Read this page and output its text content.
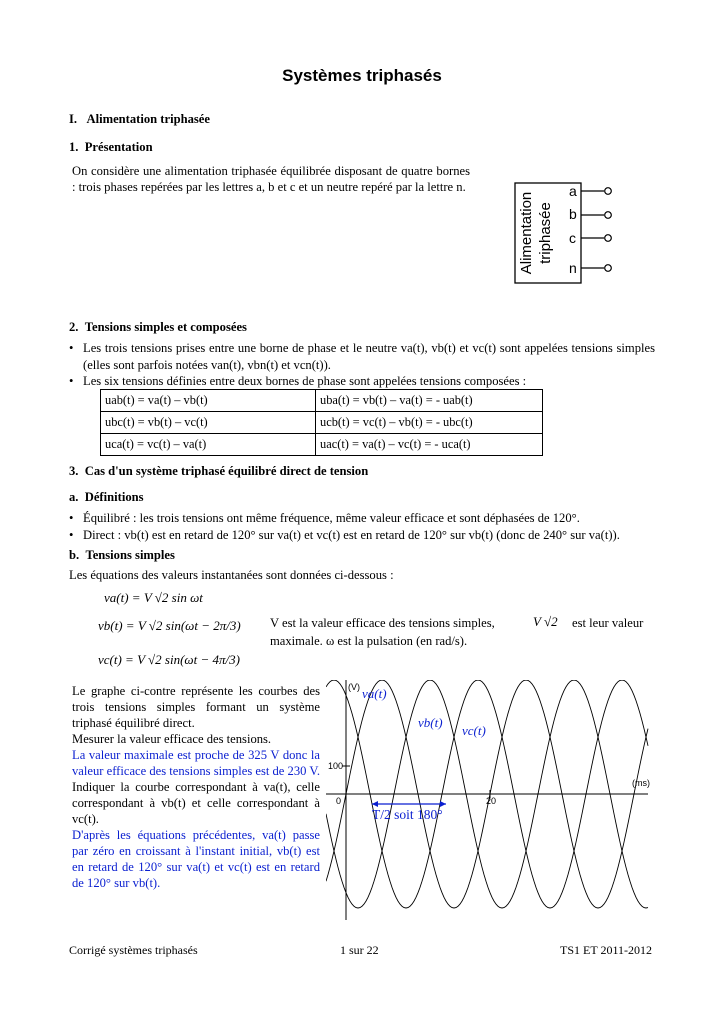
Systèmes triphasés
I.   Alimentation triphasée
1.  Présentation
On considère une alimentation triphasée équilibrée disposant de quatre bornes : trois phases repérées par les lettres a, b et c et un neutre repéré par la lettre n.
Alimentation triphasée
a
b
c
n
2.  Tensions simples et composées
• Les trois tensions prises entre une borne de phase et le neutre va(t), vb(t) et vc(t) sont appelées tensions simples (elles sont parfois notées van(t), vbn(t) et vcn(t)).
• Les six tensions définies entre deux bornes de phase sont appelées tensions composées :
uab(t) = va(t) – vb(t)	uba(t) = vb(t) – va(t) = - uab(t)
ubc(t) = vb(t) – vc(t)	ucb(t) = vc(t) – vb(t) = - ubc(t)
uca(t) = vc(t) – va(t)	uac(t) = va(t) – vc(t) = - uca(t)
3.  Cas d'un système triphasé équilibré direct de tension
a.  Définitions
• Équilibré : les trois tensions ont même fréquence, même valeur efficace et sont déphasées de 120°.
• Direct : vb(t) est en retard de 120° sur va(t) et vc(t) est en retard de 120° sur vb(t) (donc de 240° sur va(t)).
b.  Tensions simples
Les équations des valeurs instantanées sont données ci-dessous :
va(t) = V √2 sin ωt
vb(t) = V √2 sin(ωt − 2π/3)
vc(t) = V √2 sin(ωt − 4π/3)
V est la valeur efficace des tensions simples,	V √2 est leur valeur
maximale. ω est la pulsation (en rad/s).
Le graphe ci-contre représente les courbes des trois tensions simples formant un système triphasé équilibré direct.
Mesurer la valeur efficace des tensions.
La valeur maximale est proche de 325 V donc la valeur efficace des tensions simples est de 230 V.
Indiquer la courbe correspondant à va(t), celle correspondant à vb(t) et celle correspondant à vc(t).
D'après les équations précédentes, va(t) passe par zéro en croissant à l'instant initial, vb(t) est en retard de 120° sur va(t) et vc(t) est en retard de 120° sur vb(t).
(V)
(ms)
100
0	20
va(t)
vb(t)
vc(t)
T/2 soit 180°
Corrigé systèmes triphasés	1 sur 22	TS1 ET 2011-2012
